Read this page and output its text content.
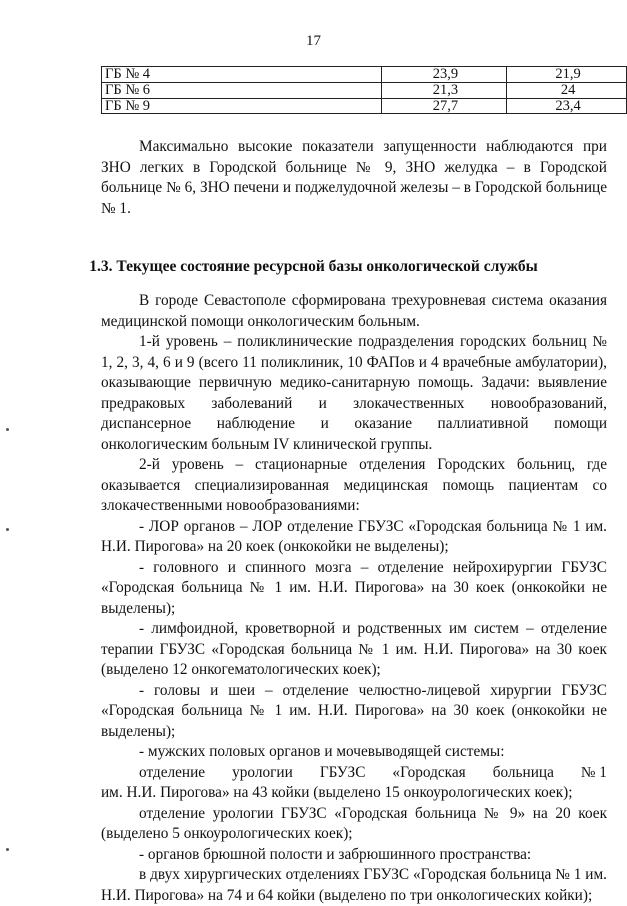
17
ГБ № 4	23,9	21,9
ГБ № 6	21,3	24
ГБ № 9	27,7	23,4

Максимально высокие показатели запущенности наблюдаются при ЗНО легких в Городской больнице № 9, ЗНО желудка – в Городской больнице № 6, ЗНО печени и поджелудочной железы – в Городской больнице № 1.

1.3. Текущее состояние ресурсной базы онкологической службы

В городе Севастополе сформирована трехуровневая система оказания медицинской помощи онкологическим больным.

1-й уровень – поликлинические подразделения городских больниц № 1, 2, 3, 4, 6 и 9 (всего 11 поликлиник, 10 ФАПов и 4 врачебные амбулатории), оказывающие первичную медико-санитарную помощь. Задачи: выявление предраковых заболеваний и злокачественных новообразований, диспансерное наблюдение и оказание паллиативной помощи онкологическим больным IV клинической группы.

2-й уровень – стационарные отделения Городских больниц, где оказывается специализированная медицинская помощь пациентам со злокачественными новообразованиями:

- ЛОР органов – ЛОР отделение ГБУЗС «Городская больница № 1 им. Н.И. Пирогова» на 20 коек (онкокойки не выделены);

- головного и спинного мозга – отделение нейрохирургии ГБУЗС «Городская больница № 1 им. Н.И. Пирогова» на 30 коек (онкокойки не выделены);

- лимфоидной, кроветворной и родственных им систем – отделение терапии ГБУЗС «Городская больница № 1 им. Н.И. Пирогова» на 30 коек (выделено 12 онкогематологических коек);

- головы и шеи – отделение челюстно-лицевой хирургии ГБУЗС «Городская больница № 1 им. Н.И. Пирогова» на 30 коек (онкокойки не выделены);

- мужских половых органов и мочевыводящей системы:

отделение урологии ГБУЗС «Городская больница № 1

им. Н.И. Пирогова» на 43 койки (выделено 15 онкоурологических коек);

отделение урологии ГБУЗС «Городская больница № 9» на 20 коек (выделено 5 онкоурологических коек);

- органов брюшной полости и забрюшинного пространства:

в двух хирургических отделениях ГБУЗС «Городская больница № 1 им. Н.И. Пирогова» на 74 и 64 койки (выделено по три онкологических койки);
